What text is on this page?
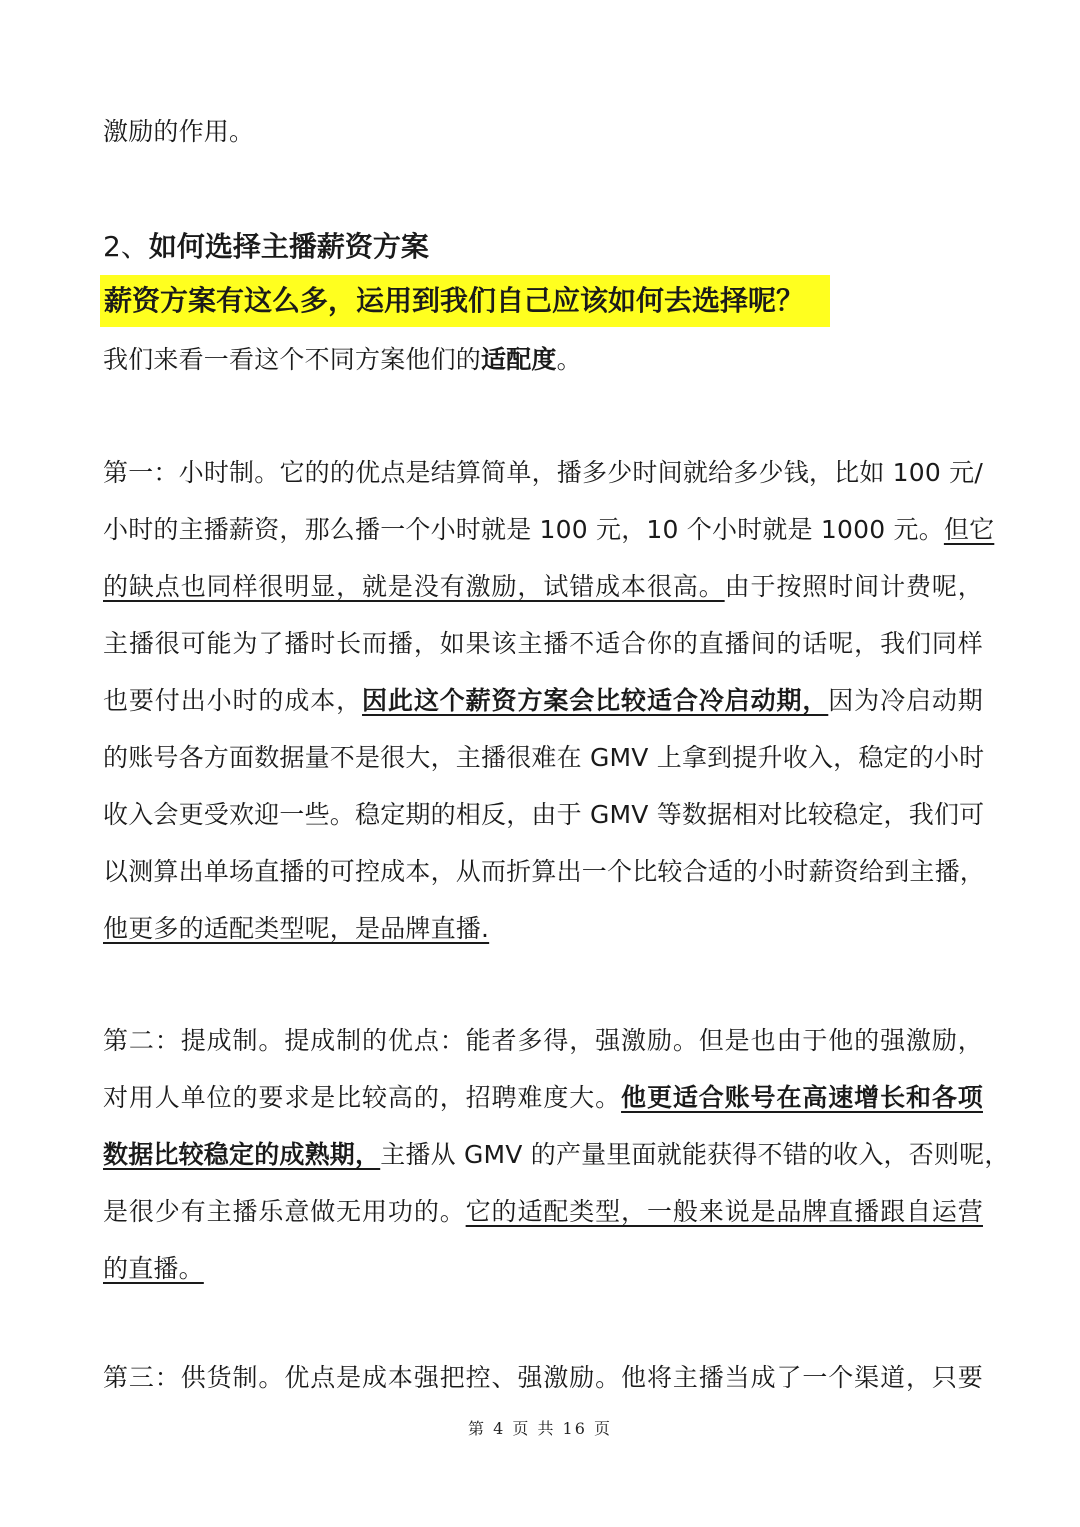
激励的作用。
2、如何选择主播薪资方案
薪资方案有这么多，运用到我们自己应该如何去选择呢？
我们来看一看这个不同方案他们的适配度。
第一：小时制。它的的优点是结算简单，播多少时间就给多少钱，比如 100 元/
小时的主播薪资，那么播一个小时就是 100 元，10 个小时就是 1000 元。但它
的缺点也同样很明显，就是没有激励，试错成本很高。由于按照时间计费呢，
主播很可能为了播时长而播，如果该主播不适合你的直播间的话呢，我们同样
也要付出小时的成本，因此这个薪资方案会比较适合冷启动期，因为冷启动期
的账号各方面数据量不是很大，主播很难在 GMV 上拿到提升收入，稳定的小时
收入会更受欢迎一些。稳定期的相反，由于 GMV 等数据相对比较稳定，我们可
以测算出单场直播的可控成本，从而折算出一个比较合适的小时薪资给到主播，
他更多的适配类型呢，是品牌直播.
第二：提成制。提成制的优点：能者多得，强激励。但是也由于他的强激励，
对用人单位的要求是比较高的，招聘难度大。他更适合账号在高速增长和各项
数据比较稳定的成熟期，主播从 GMV 的产量里面就能获得不错的收入，否则呢，
是很少有主播乐意做无用功的。它的适配类型，一般来说是品牌直播跟自运营
的直播。
第三：供货制。优点是成本强把控、强激励。他将主播当成了一个渠道，只要
第 4 页 共 16 页
